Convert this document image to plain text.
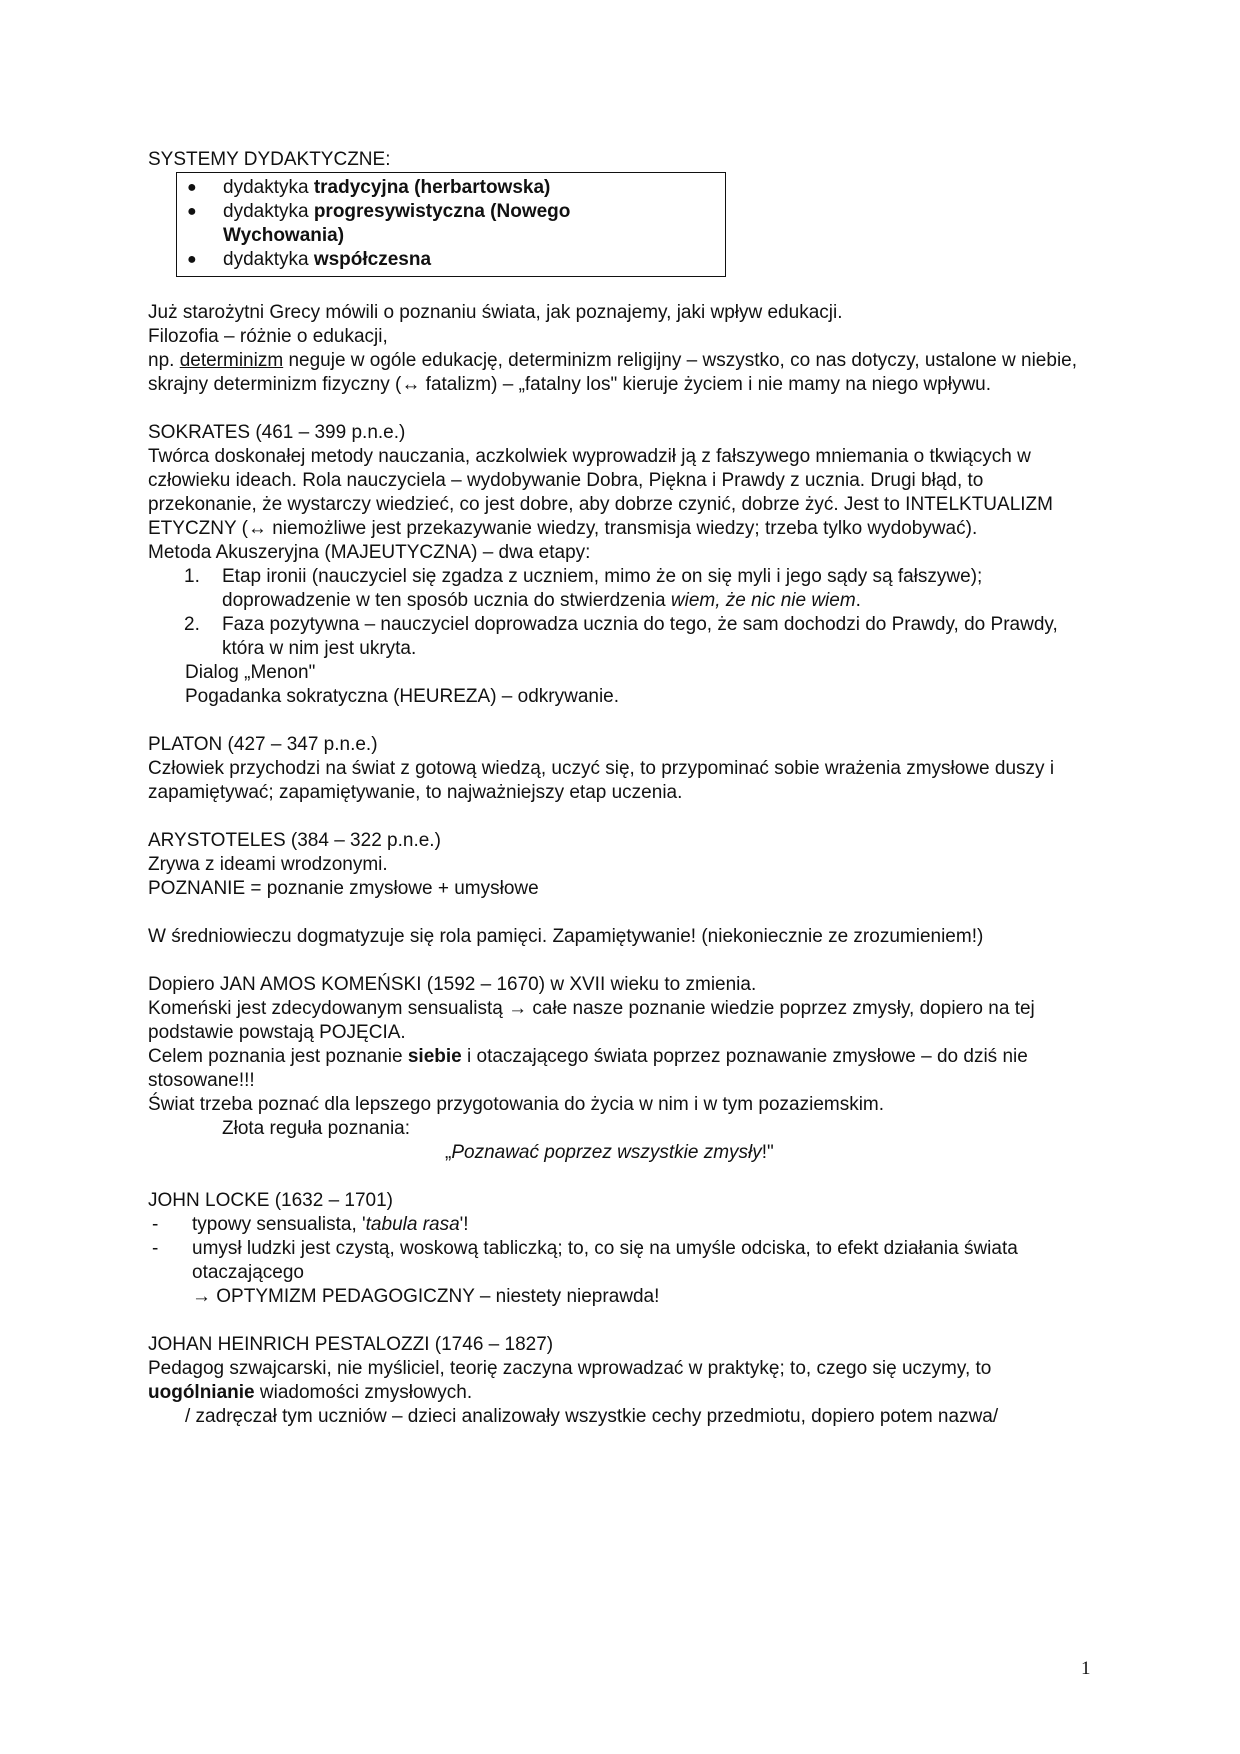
SYSTEMY DYDAKTYCZNE:

● dydaktyka tradycyjna (herbartowska)
● dydaktyka progresywistyczna (Nowego Wychowania)
● dydaktyka współczesna

Już starożytni Grecy mówili o poznaniu świata, jak poznajemy, jaki wpływ edukacji.

Filozofia – różnie o edukacji,

np. determinizm neguje w ogóle edukację, determinizm religijny – wszystko, co nas dotyczy, ustalone w niebie, skrajny determinizm fizyczny (↔ fatalizm) – „fatalny los" kieruje życiem i nie mamy na niego wpływu.

SOKRATES (461 – 399 p.n.e.)

Twórca doskonałej metody nauczania, aczkolwiek wyprowadził ją z fałszywego mniemania o tkwiących w człowieku ideach. Rola nauczyciela – wydobywanie Dobra, Piękna i Prawdy z ucznia. Drugi błąd, to przekonanie, że wystarczy wiedzieć, co jest dobre, aby dobrze czynić, dobrze żyć. Jest to INTELKTUALIZM ETYCZNY (↔ niemożliwe jest przekazywanie wiedzy, transmisja wiedzy; trzeba tylko wydobywać).

Metoda Akuszeryjna (MAJEUTYCZNA) – dwa etapy:

1. Etap ironii (nauczyciel się zgadza z uczniem, mimo że on się myli i jego sądy są fałszywe); doprowadzenie w ten sposób ucznia do stwierdzenia wiem, że nic nie wiem.
2. Faza pozytywna – nauczyciel doprowadza ucznia do tego, że sam dochodzi do Prawdy, do Prawdy, która w nim jest ukryta.

Dialog „Menon"

Pogadanka sokratyczna (HEUREZA) – odkrywanie.

PLATON (427 – 347 p.n.e.)

Człowiek przychodzi na świat z gotową wiedzą, uczyć się, to przypominać sobie wrażenia zmysłowe duszy i zapamiętywać; zapamiętywanie, to najważniejszy etap uczenia.

ARYSTOTELES (384 – 322 p.n.e.)

Zrywa z ideami wrodzonymi.

POZNANIE = poznanie zmysłowe + umysłowe

W średniowieczu dogmatyzuje się rola pamięci. Zapamiętywanie! (niekoniecznie ze zrozumieniem!)

Dopiero JAN AMOS KOMEŃSKI (1592 – 1670) w XVII wieku to zmienia.

Komeński jest zdecydowanym sensualistą → całe nasze poznanie wiedzie poprzez zmysły, dopiero na tej podstawie powstają POJĘCIA.

Celem poznania jest poznanie siebie i otaczającego świata poprzez poznawanie zmysłowe – do dziś nie stosowane!!!

Świat trzeba poznać dla lepszego przygotowania do życia w nim i w tym pozaziemskim.

Złota reguła poznania:

„Poznawać poprzez wszystkie zmysły!"

JOHN LOCKE (1632 – 1701)

- typowy sensualista, 'tabula rasa'!
- umysł ludzki jest czystą, woskową tabliczką; to, co się na umyśle odciska, to efekt działania świata otaczającego

→ OPTYMIZM PEDAGOGICZNY – niestety nieprawda!

JOHAN HEINRICH PESTALOZZI (1746 – 1827)

Pedagog szwajcarski, nie myśliciel, teorię zaczyna wprowadzać w praktykę; to, czego się uczymy, to uogólnianie wiadomości zmysłowych.

/ zadręczał tym uczniów – dzieci analizowały wszystkie cechy przedmiotu, dopiero potem nazwa/

1
